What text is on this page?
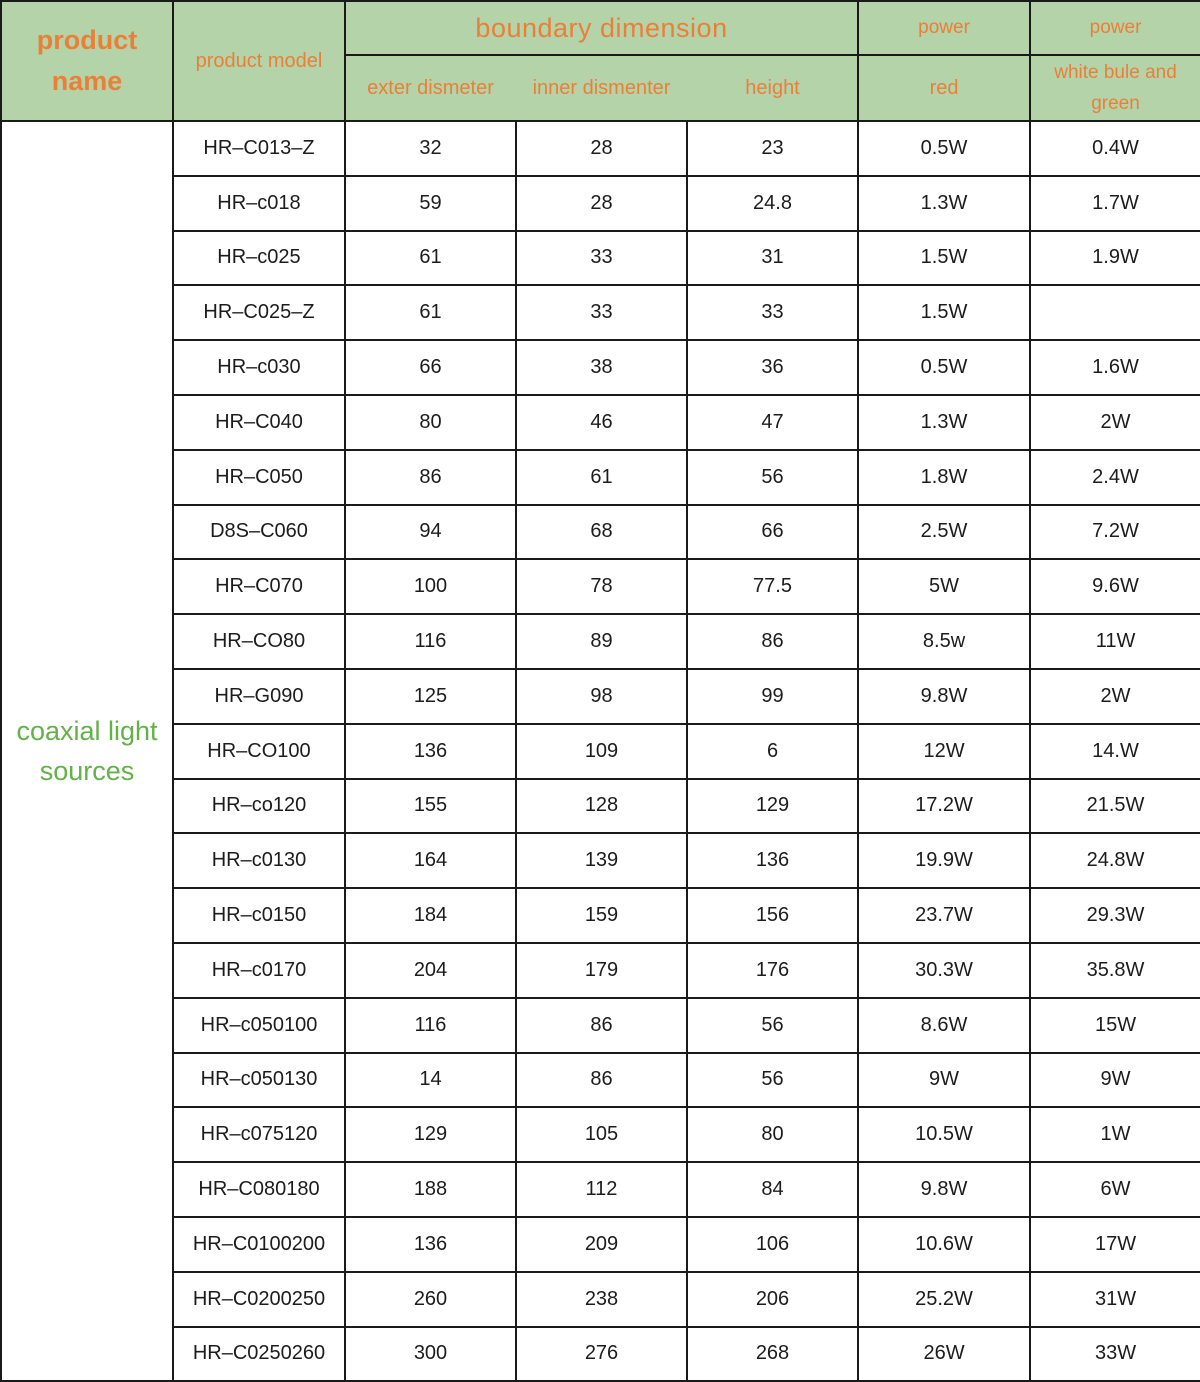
product
name	product model	boundary dimension			power	power
		exter dismeter	inner dismenter	height	red	white bule and
green
coaxial light
sources	HR–C013–Z	32	28	23	0.5W	0.4W
	HR–c018	59	28	24.8	1.3W	1.7W
	HR–c025	61	33	31	1.5W	1.9W
	HR–C025–Z	61	33	33	1.5W	
	HR–c030	66	38	36	0.5W	1.6W
	HR–C040	80	46	47	1.3W	2W
	HR–C050	86	61	56	1.8W	2.4W
	D8S–C060	94	68	66	2.5W	7.2W
	HR–C070	100	78	77.5	5W	9.6W
	HR–CO80	116	89	86	8.5w	11W
	HR–G090	125	98	99	9.8W	2W
	HR–CO100	136	109	6	12W	14.W
	HR–co120	155	128	129	17.2W	21.5W
	HR–c0130	164	139	136	19.9W	24.8W
	HR–c0150	184	159	156	23.7W	29.3W
	HR–c0170	204	179	176	30.3W	35.8W
	HR–c050100	116	86	56	8.6W	15W
	HR–c050130	14	86	56	9W	9W
	HR–c075120	129	105	80	10.5W	1W
	HR–C080180	188	112	84	9.8W	6W
	HR–C0100200	136	209	106	10.6W	17W
	HR–C0200250	260	238	206	25.2W	31W
	HR–C0250260	300	276	268	26W	33W
